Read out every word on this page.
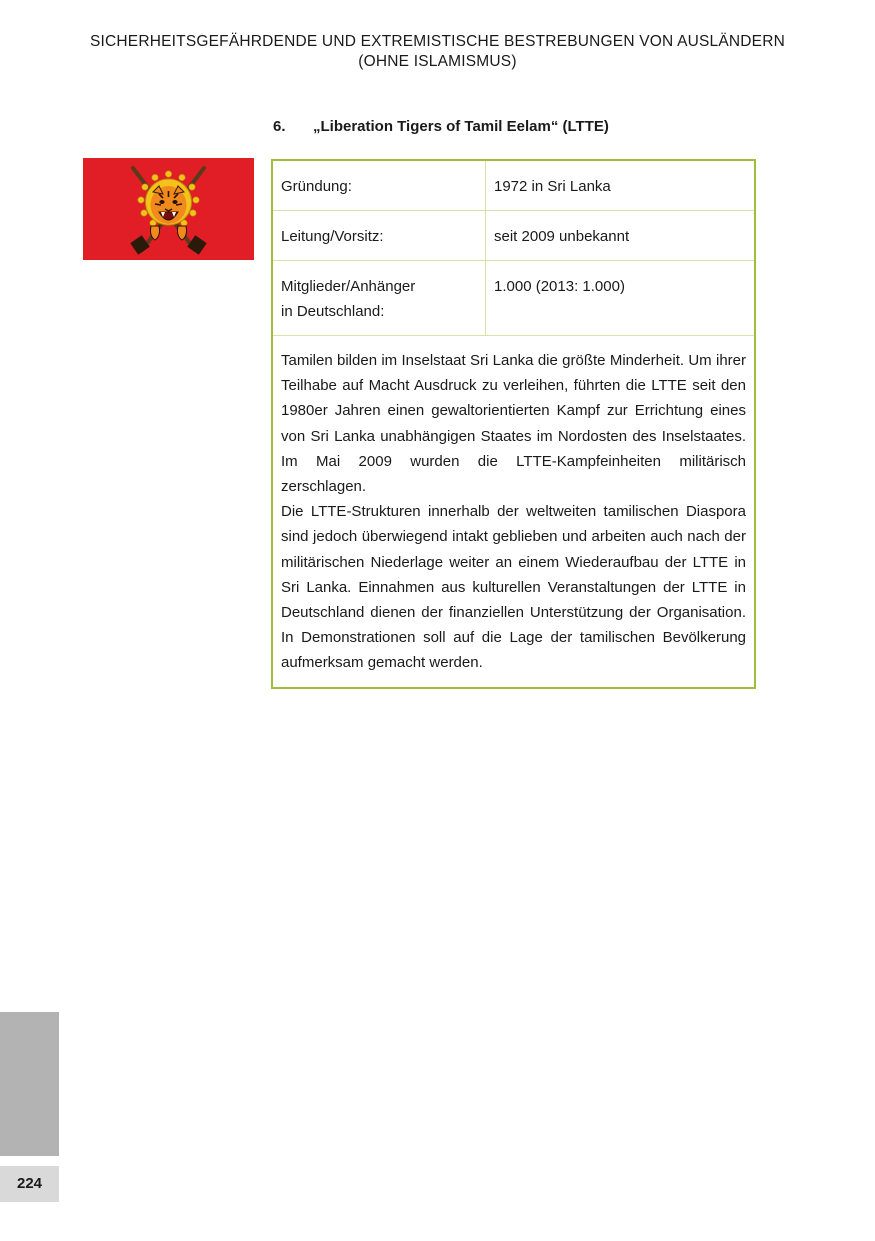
SICHERHEITSGEFÄHRDENDE UND EXTREMISTISCHE BESTREBUNGEN VON AUSLÄNDERN
(OHNE ISLAMISMUS)
6. „Liberation Tigers of Tamil Eelam“ (LTTE)
Gründung:	1972 in Sri Lanka
Leitung/Vorsitz:	seit 2009 unbekannt
Mitglieder/Anhänger
in Deutschland:	1.000 (2013: 1.000)

Tamilen bilden im Inselstaat Sri Lanka die größte Minderheit. Um ihrer Teilhabe auf Macht Ausdruck zu verleihen, führten die LTTE seit den 1980er Jahren einen gewaltorientierten Kampf zur Errichtung eines von Sri Lanka unabhängigen Staates im Nordosten des Inselstaates. Im Mai 2009 wurden die LTTE-Kampfeinheiten militärisch zerschlagen.

Die LTTE-Strukturen innerhalb der weltweiten tamilischen Diaspora sind jedoch überwiegend intakt geblieben und arbeiten auch nach der militärischen Niederlage weiter an einem Wiederaufbau der LTTE in Sri Lanka. Einnahmen aus kulturellen Veranstaltungen der LTTE in Deutschland dienen der finanziellen Unterstützung der Organisation. In Demonstrationen soll auf die Lage der tamilischen Bevölkerung aufmerksam gemacht werden.

224
